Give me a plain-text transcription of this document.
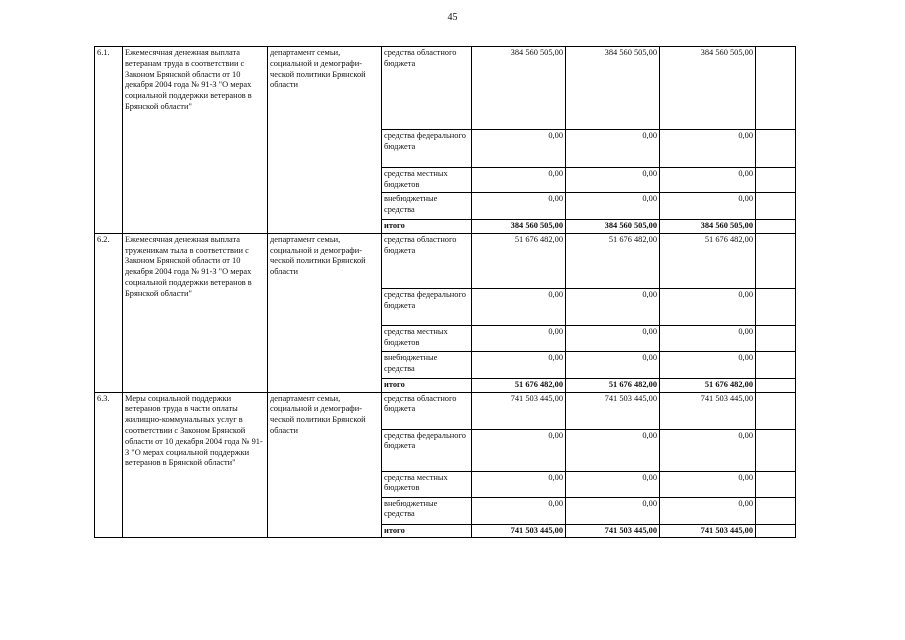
45
6.1.	Ежемесячная денежная выплата ветеранам труда в соответствии с Законом Брянской области от 10 декабря 2004 года № 91-З "О мерах социальной поддержки ветеранов в Брянской области"	департамент семьи, социальной и демографи-ческой политики Брянской области	средства областного бюджета	384 560 505,00	384 560 505,00	384 560 505,00	
			средства федерального бюджета	0,00	0,00	0,00	
			средства местных бюджетов	0,00	0,00	0,00	
			внебюджетные средства	0,00	0,00	0,00	
			итого	384 560 505,00	384 560 505,00	384 560 505,00	
6.2.	Ежемесячная денежная выплата труженикам тыла в соответствии с Законом Брянской области от 10 декабря 2004 года № 91-З "О мерах социальной поддержки ветеранов в Брянской области"	департамент семьи, социальной и демографи-ческой политики Брянской области	средства областного бюджета	51 676 482,00	51 676 482,00	51 676 482,00	
			средства федерального бюджета	0,00	0,00	0,00	
			средства местных бюджетов	0,00	0,00	0,00	
			внебюджетные средства	0,00	0,00	0,00	
			итого	51 676 482,00	51 676 482,00	51 676 482,00	
6.3.	Меры социальной поддержки ветеранов труда в части оплаты жилищно-коммунальных услуг в соответствии с Законом Брянской области от 10 декабря 2004 года № 91-З "О мерах социальной поддержки ветеранов в Брянской области"	департамент семьи, социальной и демографи-ческой политики Брянской области	средства областного бюджета	741 503 445,00	741 503 445,00	741 503 445,00	
			средства федерального бюджета	0,00	0,00	0,00	
			средства местных бюджетов	0,00	0,00	0,00	
			внебюджетные средства	0,00	0,00	0,00	
			итого	741 503 445,00	741 503 445,00	741 503 445,00	
